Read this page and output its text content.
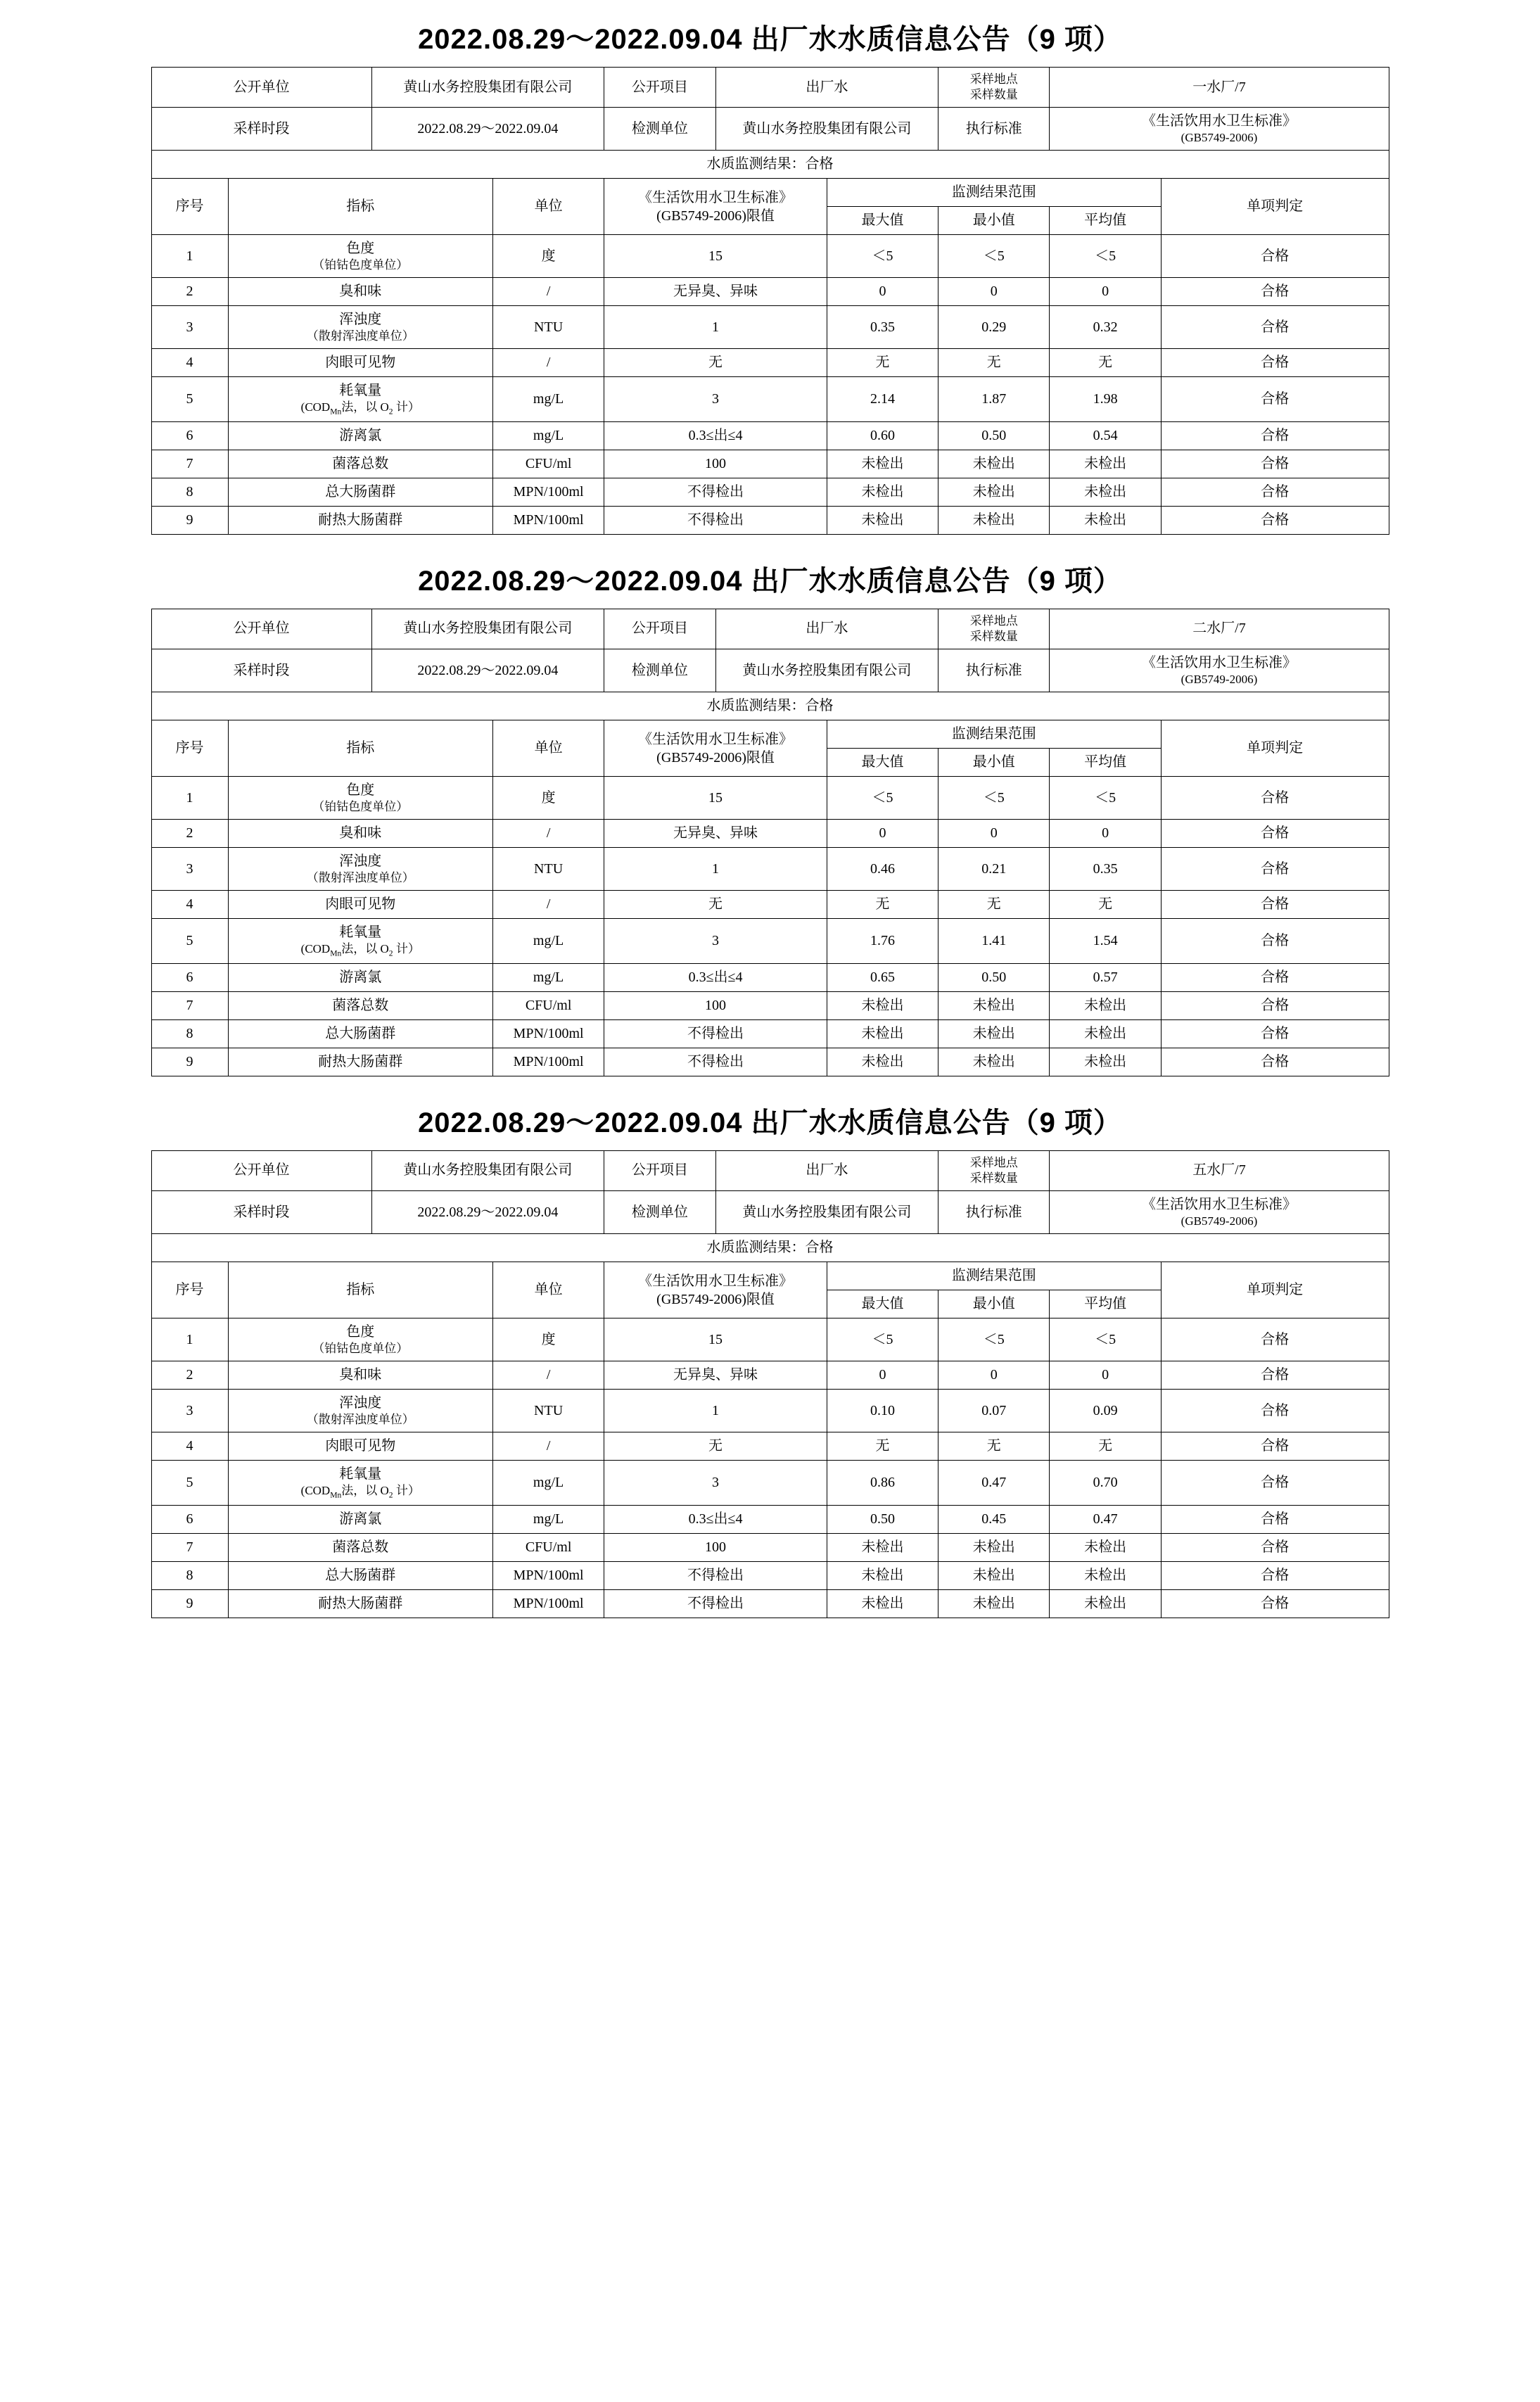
2022.08.29～2022.09.04 出厂水水质信息公告（9 项）
公开单位		黄山水务控股集团有限公司		公开项目	出厂水		采样地点
采样数量	一水厂/7	
采样时段		2022.08.29～2022.09.04		检测单位	黄山水务控股集团有限公司		执行标准	《生活饮用水卫生标准》
(GB5749-2006)	

水质监测结果：合格									
序号	指标		单位	《生活饮用水卫生标准》
(GB5749-2006)限值		监测结果范围			单项判定
						最大值	最小值	平均值	
1	色度
（铂钴色度单位）		度	15		＜5	＜5	＜5	合格
2	臭和味		/	无异臭、异味		0	0	0	合格
3	浑浊度
（散射浑浊度单位）		NTU	1		0.35	0.29	0.32	合格
4	肉眼可见物		/	无		无	无	无	合格
5	耗氧量
($COD_{Mn}$法，以 $O_2$ 计）		mg/L	3		2.14	1.87	1.98	合格
6	游离氯		mg/L	0.3≤出≤4		0.60	0.50	0.54	合格
7	菌落总数		CFU/ml	100		未检出	未检出	未检出	合格
8	总大肠菌群		MPN/100ml	不得检出		未检出	未检出	未检出	合格
9	耐热大肠菌群		MPN/100ml	不得检出		未检出	未检出	未检出	合格
2022.08.29～2022.09.04 出厂水水质信息公告（9 项）
公开单位		黄山水务控股集团有限公司		公开项目	出厂水		采样地点
采样数量	二水厂/7	
采样时段		2022.08.29～2022.09.04		检测单位	黄山水务控股集团有限公司		执行标准	《生活饮用水卫生标准》
(GB5749-2006)	

水质监测结果：合格									
序号	指标		单位	《生活饮用水卫生标准》
(GB5749-2006)限值		监测结果范围			单项判定
						最大值	最小值	平均值	
1	色度
（铂钴色度单位）		度	15		＜5	＜5	＜5	合格
2	臭和味		/	无异臭、异味		0	0	0	合格
3	浑浊度
（散射浑浊度单位）		NTU	1		0.46	0.21	0.35	合格
4	肉眼可见物		/	无		无	无	无	合格
5	耗氧量
($COD_{Mn}$法，以 $O_2$ 计）		mg/L	3		1.76	1.41	1.54	合格
6	游离氯		mg/L	0.3≤出≤4		0.65	0.50	0.57	合格
7	菌落总数		CFU/ml	100		未检出	未检出	未检出	合格
8	总大肠菌群		MPN/100ml	不得检出		未检出	未检出	未检出	合格
9	耐热大肠菌群		MPN/100ml	不得检出		未检出	未检出	未检出	合格
2022.08.29～2022.09.04 出厂水水质信息公告（9 项）
公开单位		黄山水务控股集团有限公司		公开项目	出厂水		采样地点
采样数量	五水厂/7	
采样时段		2022.08.29～2022.09.04		检测单位	黄山水务控股集团有限公司		执行标准	《生活饮用水卫生标准》
(GB5749-2006)	

水质监测结果：合格									
序号	指标		单位	《生活饮用水卫生标准》
(GB5749-2006)限值		监测结果范围			单项判定
						最大值	最小值	平均值	
1	色度
（铂钴色度单位）		度	15		＜5	＜5	＜5	合格
2	臭和味		/	无异臭、异味		0	0	0	合格
3	浑浊度
（散射浑浊度单位）		NTU	1		0.10	0.07	0.09	合格
4	肉眼可见物		/	无		无	无	无	合格
5	耗氧量
($COD_{Mn}$法，以 $O_2$ 计）		mg/L	3		0.86	0.47	0.70	合格
6	游离氯		mg/L	0.3≤出≤4		0.50	0.45	0.47	合格
7	菌落总数		CFU/ml	100		未检出	未检出	未检出	合格
8	总大肠菌群		MPN/100ml	不得检出		未检出	未检出	未检出	合格
9	耐热大肠菌群		MPN/100ml	不得检出		未检出	未检出	未检出	合格
